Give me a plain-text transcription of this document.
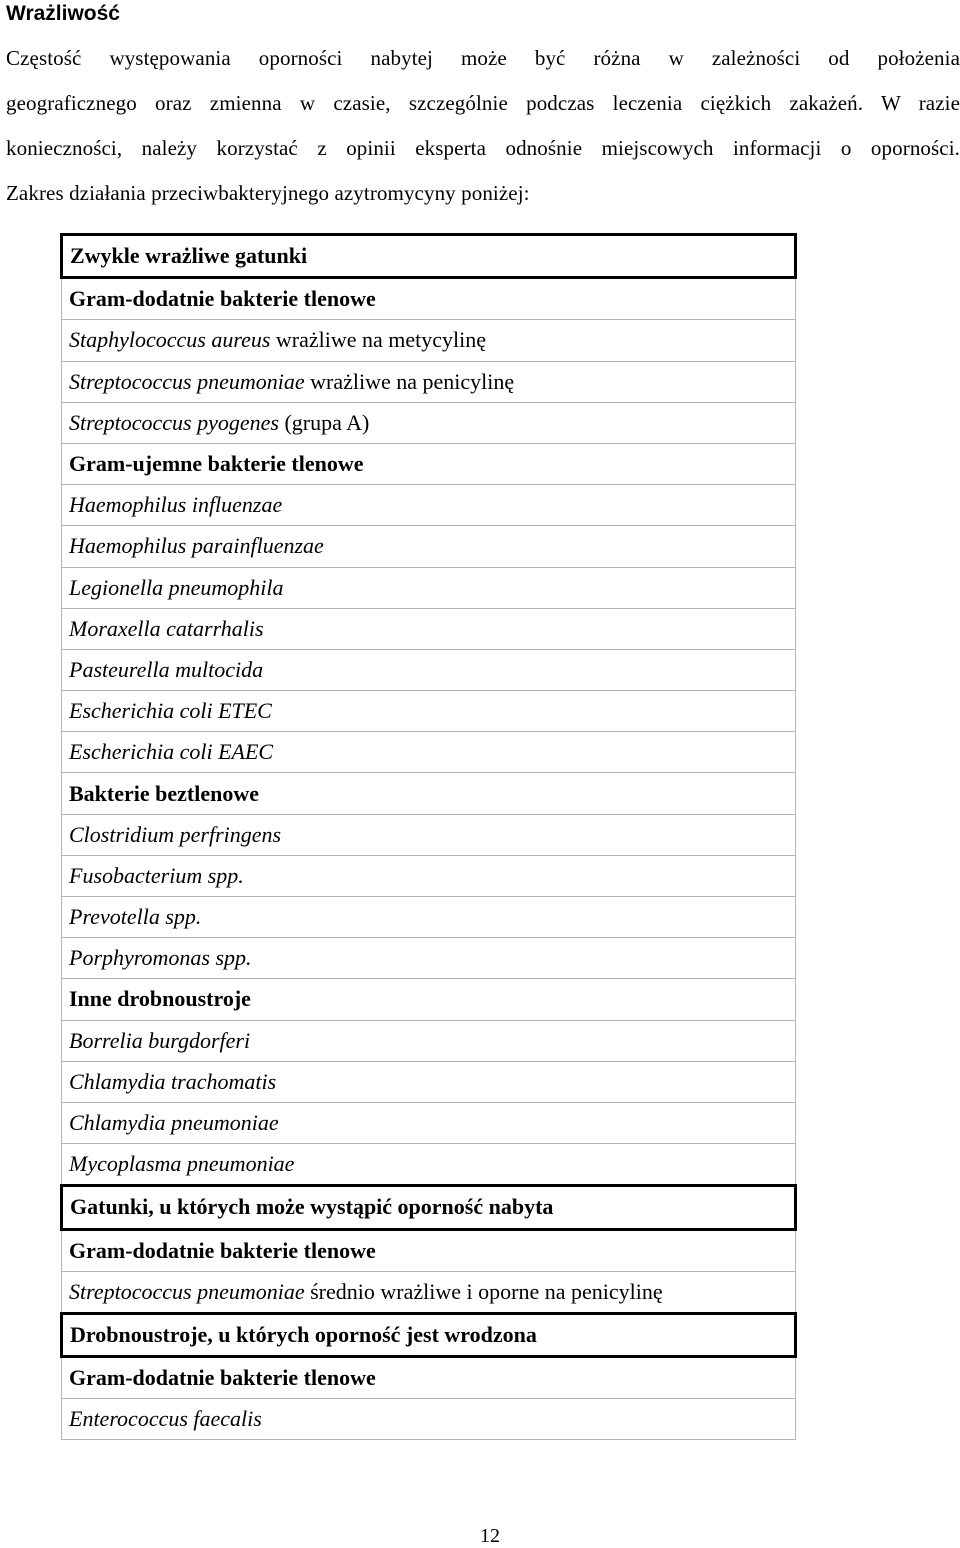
Wrażliwość
Częstość występowania oporności nabytej może być różna w zależności od położenia
geograficznego oraz zmienna w czasie, szczególnie podczas leczenia ciężkich zakażeń. W razie
konieczności, należy korzystać z opinii eksperta odnośnie miejscowych informacji o oporności.
Zakres działania przeciwbakteryjnego azytromycyny poniżej:
Zwykle wrażliwe gatunki
Gram-dodatnie bakterie tlenowe
Staphylococcus aureus wrażliwe na metycylinę
Streptococcus pneumoniae wrażliwe na penicylinę
Streptococcus pyogenes (grupa A)
Gram-ujemne bakterie tlenowe
Haemophilus influenzae
Haemophilus parainfluenzae
Legionella pneumophila
Moraxella catarrhalis
Pasteurella multocida
Escherichia coli ETEC
Escherichia coli EAEC
Bakterie beztlenowe
Clostridium perfringens
Fusobacterium spp.
Prevotella spp.
Porphyromonas spp.
Inne drobnoustroje
Borrelia burgdorferi
Chlamydia trachomatis
Chlamydia pneumoniae
Mycoplasma pneumoniae
Gatunki, u których może wystąpić oporność nabyta
Gram-dodatnie bakterie tlenowe
Streptococcus pneumoniae średnio wrażliwe i oporne na penicylinę
Drobnoustroje, u których oporność jest wrodzona
Gram-dodatnie bakterie tlenowe
Enterococcus faecalis
12
